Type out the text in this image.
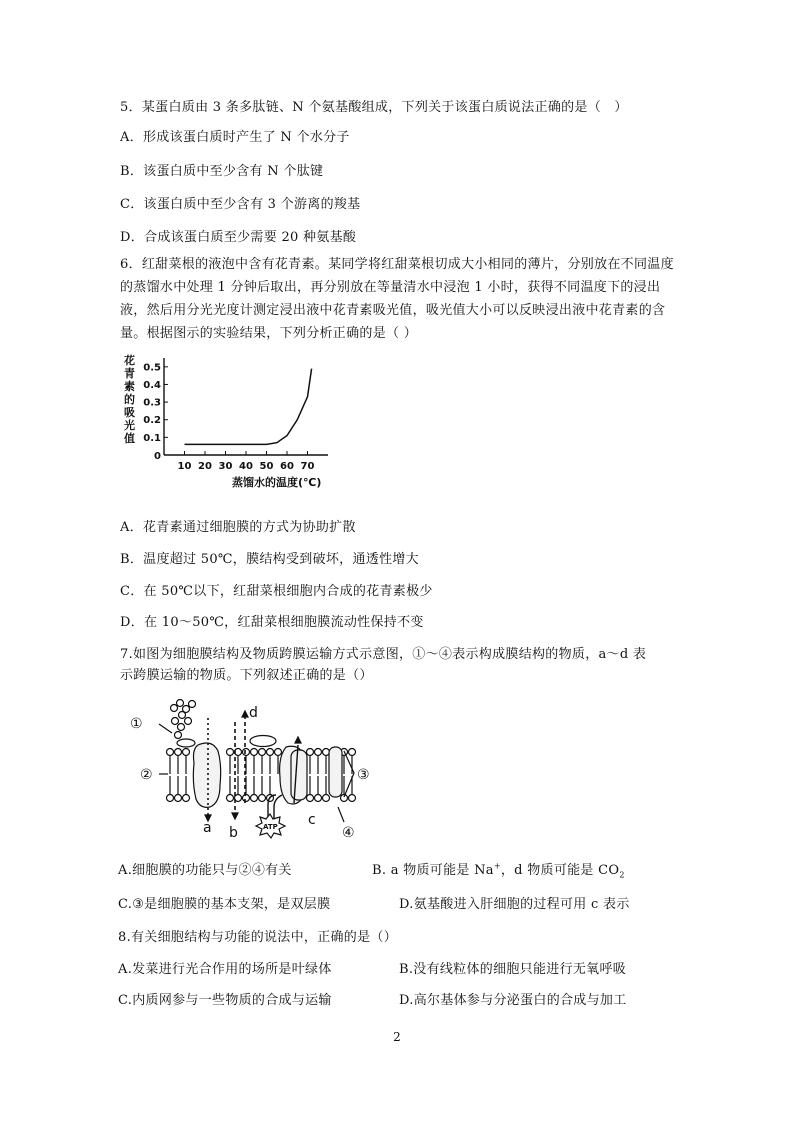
5．某蛋白质由 3 条多肽链、N 个氨基酸组成，下列关于该蛋白质说法正确的是（　）
A．形成该蛋白质时产生了 N 个水分子
B．该蛋白质中至少含有 N 个肽键
C．该蛋白质中至少含有 3 个游离的羧基
D．合成该蛋白质至少需要 20 种氨基酸
6．红甜菜根的液泡中含有花青素。某同学将红甜菜根切成大小相同的薄片，分别放在不同温度的蒸馏水中处理 1 分钟后取出，再分别放在等量清水中浸泡 1 小时，获得不同温度下的浸出液，然后用分光光度计测定浸出液中花青素吸光值，吸光值大小可以反映浸出液中花青素的含量。根据图示的实验结果，下列分析正确的是（ ）
花
青
素
的
吸
光
值 0.1
0.2
0.3
0.4
0.5
10 20 30 40 50 60 70
0
蒸馏水的温度(℃)
A．花青素通过细胞膜的方式为协助扩散
B．温度超过 50℃，膜结构受到破坏，通透性增大
C．在 50℃以下，红甜菜根细胞内合成的花青素极少
D．在 10～50℃，红甜菜根细胞膜流动性保持不变
7.如图为细胞膜结构及物质跨膜运输方式示意图，①～④表示构成膜结构的物质，a～d 表
示跨膜运输的物质。下列叙述正确的是（）
①
②	③
④
a b
c
d
ATP
A.细胞膜的功能只与②④有关	B. a 物质可能是 Na+，d 物质可能是 $CO_2$
C.③是细胞膜的基本支架，是双层膜	D.氨基酸进入肝细胞的过程可用 c 表示
8.有关细胞结构与功能的说法中，正确的是（）
A.发菜进行光合作用的场所是叶绿体	B.没有线粒体的细胞只能进行无氧呼吸
C.内质网参与一些物质的合成与运输	D.高尔基体参与分泌蛋白的合成与加工
2
